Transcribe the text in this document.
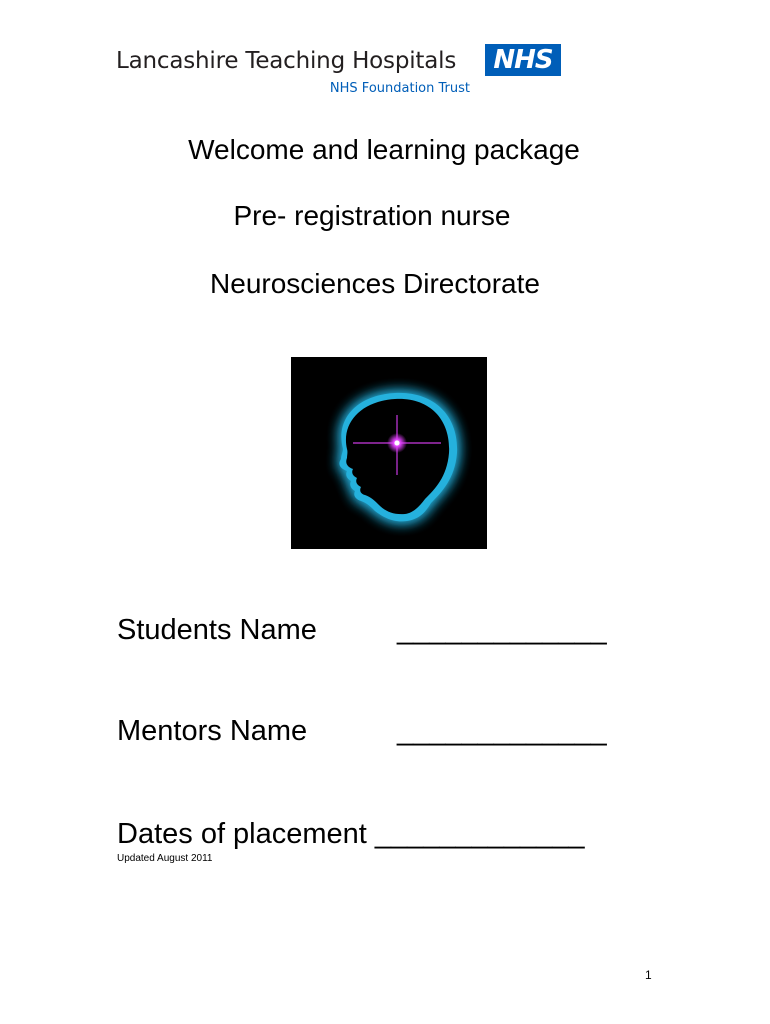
Lancashire Teaching Hospitals NHS
NHS Foundation Trust
Welcome and learning package
Pre- registration nurse
Neurosciences Directorate
Students Name	_____________
Mentors Name	_____________
Dates of placement _____________
Updated August 2011
1
